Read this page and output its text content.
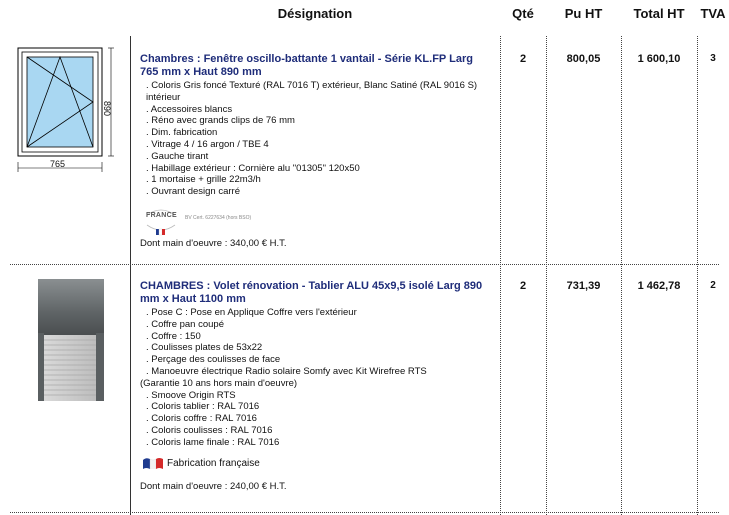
Désignation	Qté	Pu HT	Total HT	TVA
890
765
Chambres : Fenêtre oscillo-battante 1 vantail - Série KL.FP Larg 765 mm x Haut 890 mm
. Coloris Gris foncé Texturé (RAL 7016 T) extérieur, Blanc Satiné (RAL 9016 S) intérieur
. Accessoires blancs
. Réno avec grands clips de 76 mm
. Dim. fabrication
. Vitrage 4 / 16 argon / TBE 4
. Gauche tirant
. Habillage extérieur : Cornière alu "01305" 120x50
. 1 mortaise + grille 22m3/h
. Ouvrant design carré
FRANCE BV Cert. 6227634 (hors BSO)
Dont main d'oeuvre : 340,00 € H.T.
2	800,05	1 600,10	3
CHAMBRES : Volet rénovation - Tablier ALU 45x9,5 isolé Larg 890 mm x Haut 1100 mm
. Pose C : Pose en Applique Coffre vers l'extérieur
. Coffre pan coupé
. Coffre : 150
. Coulisses plates de 53x22
. Perçage des coulisses de face
. Manoeuvre électrique Radio solaire Somfy avec Kit Wirefree RTS
(Garantie 10 ans hors main d'oeuvre)
. Smoove Origin RTS
. Coloris tablier : RAL 7016
. Coloris coffre : RAL 7016
. Coloris coulisses : RAL 7016
. Coloris lame finale : RAL 7016
Fabrication française
Dont main d'oeuvre : 240,00 € H.T.
2	731,39	1 462,78	2
